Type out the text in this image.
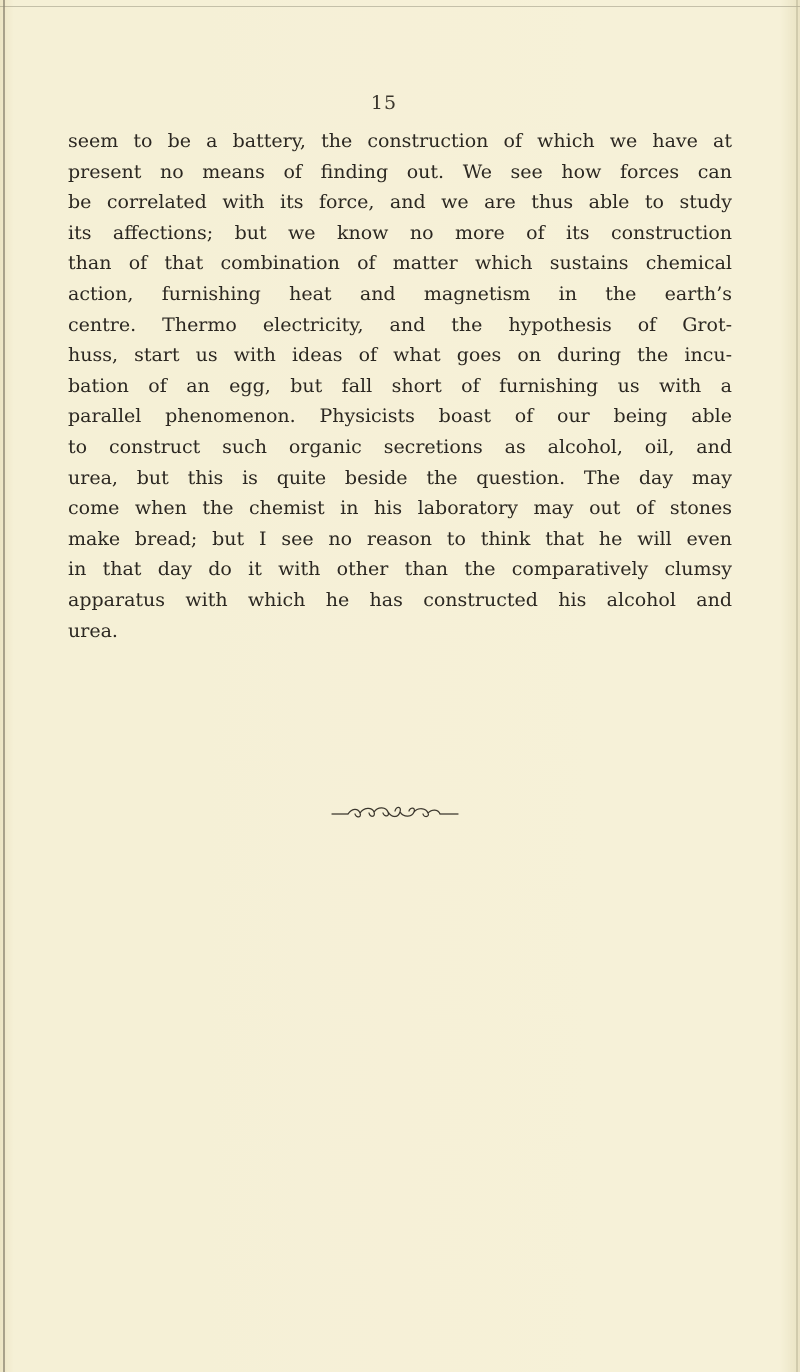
15
seem to be a battery, the construction of which we have at
present no means of finding out. We see how forces can
be correlated with its force, and we are thus able to study
its affections; but we know no more of its construction
than of that combination of matter which sustains chemical
action, furnishing heat and magnetism in the earth’s
centre. Thermo electricity, and the hypothesis of Grot-
huss, start us with ideas of what goes on during the incu-
bation of an egg, but fall short of furnishing us with a
parallel phenomenon. Physicists boast of our being able
to construct such organic secretions as alcohol, oil, and
urea, but this is quite beside the question. The day may
come when the chemist in his laboratory may out of stones
make bread; but I see no reason to think that he will even
in that day do it with other than the comparatively clumsy
apparatus with which he has constructed his alcohol and
urea.
